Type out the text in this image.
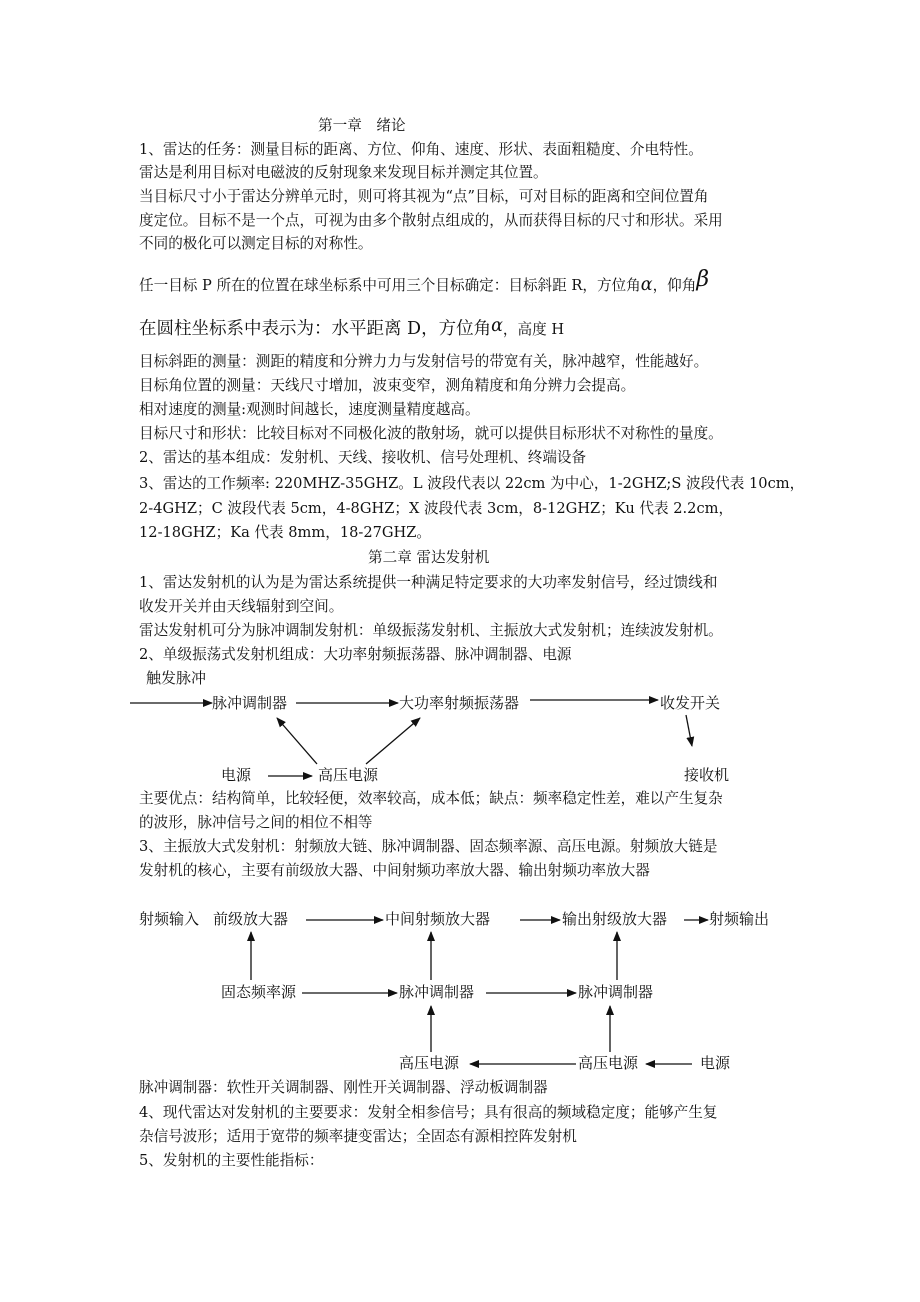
第一章　绪论
1、雷达的任务：测量目标的距离、方位、仰角、速度、形状、表面粗糙度、介电特性。
雷达是利用目标对电磁波的反射现象来发现目标并测定其位置。
当目标尺寸小于雷达分辨单元时，则可将其视为“点”目标，可对目标的距离和空间位置角
度定位。目标不是一个点，可视为由多个散射点组成的，从而获得目标的尺寸和形状。采用
不同的极化可以测定目标的对称性。
任一目标 P 所在的位置在球坐标系中可用三个目标确定：目标斜距 R，方位角α，仰角β
在圆柱坐标系中表示为：水平距离 D，方位角α，高度 H
目标斜距的测量：测距的精度和分辨力力与发射信号的带宽有关，脉冲越窄，性能越好。
目标角位置的测量：天线尺寸增加，波束变窄，测角精度和角分辨力会提高。
相对速度的测量:观测时间越长，速度测量精度越高。
目标尺寸和形状：比较目标对不同极化波的散射场，就可以提供目标形状不对称性的量度。
2、雷达的基本组成：发射机、天线、接收机、信号处理机、终端设备
3、雷达的工作频率: 220MHZ-35GHZ。L 波段代表以 22cm 为中心，1-2GHZ;S 波段代表 10cm，
2-4GHZ；C 波段代表 5cm，4-8GHZ；X 波段代表 3cm，8-12GHZ；Ku 代表 2.2cm，
12-18GHZ；Ka 代表 8mm，18-27GHZ。
第二章 雷达发射机
1、雷达发射机的认为是为雷达系统提供一种满足特定要求的大功率发射信号，经过馈线和
收发开关并由天线辐射到空间。
雷达发射机可分为脉冲调制发射机：单级振荡发射机、主振放大式发射机；连续波发射机。
2、单级振荡式发射机组成：大功率射频振荡器、脉冲调制器、电源
触发脉冲
脉冲调制器	大功率射频振荡器	收发开关
电源	高压电源	接收机
主要优点：结构简单，比较轻便，效率较高，成本低；缺点：频率稳定性差，难以产生复杂
的波形，脉冲信号之间的相位不相等
3、主振放大式发射机：射频放大链、脉冲调制器、固态频率源、高压电源。射频放大链是
发射机的核心，主要有前级放大器、中间射频功率放大器、输出射频功率放大器
射频输入 前级放大器	中间射频放大器	输出射级放大器	射频输出
固态频率源	脉冲调制器	脉冲调制器
高压电源	高压电源	电源
脉冲调制器：软性开关调制器、刚性开关调制器、浮动板调制器
4、现代雷达对发射机的主要要求：发射全相参信号；具有很高的频域稳定度；能够产生复
杂信号波形；适用于宽带的频率捷变雷达；全固态有源相控阵发射机
5、发射机的主要性能指标：
